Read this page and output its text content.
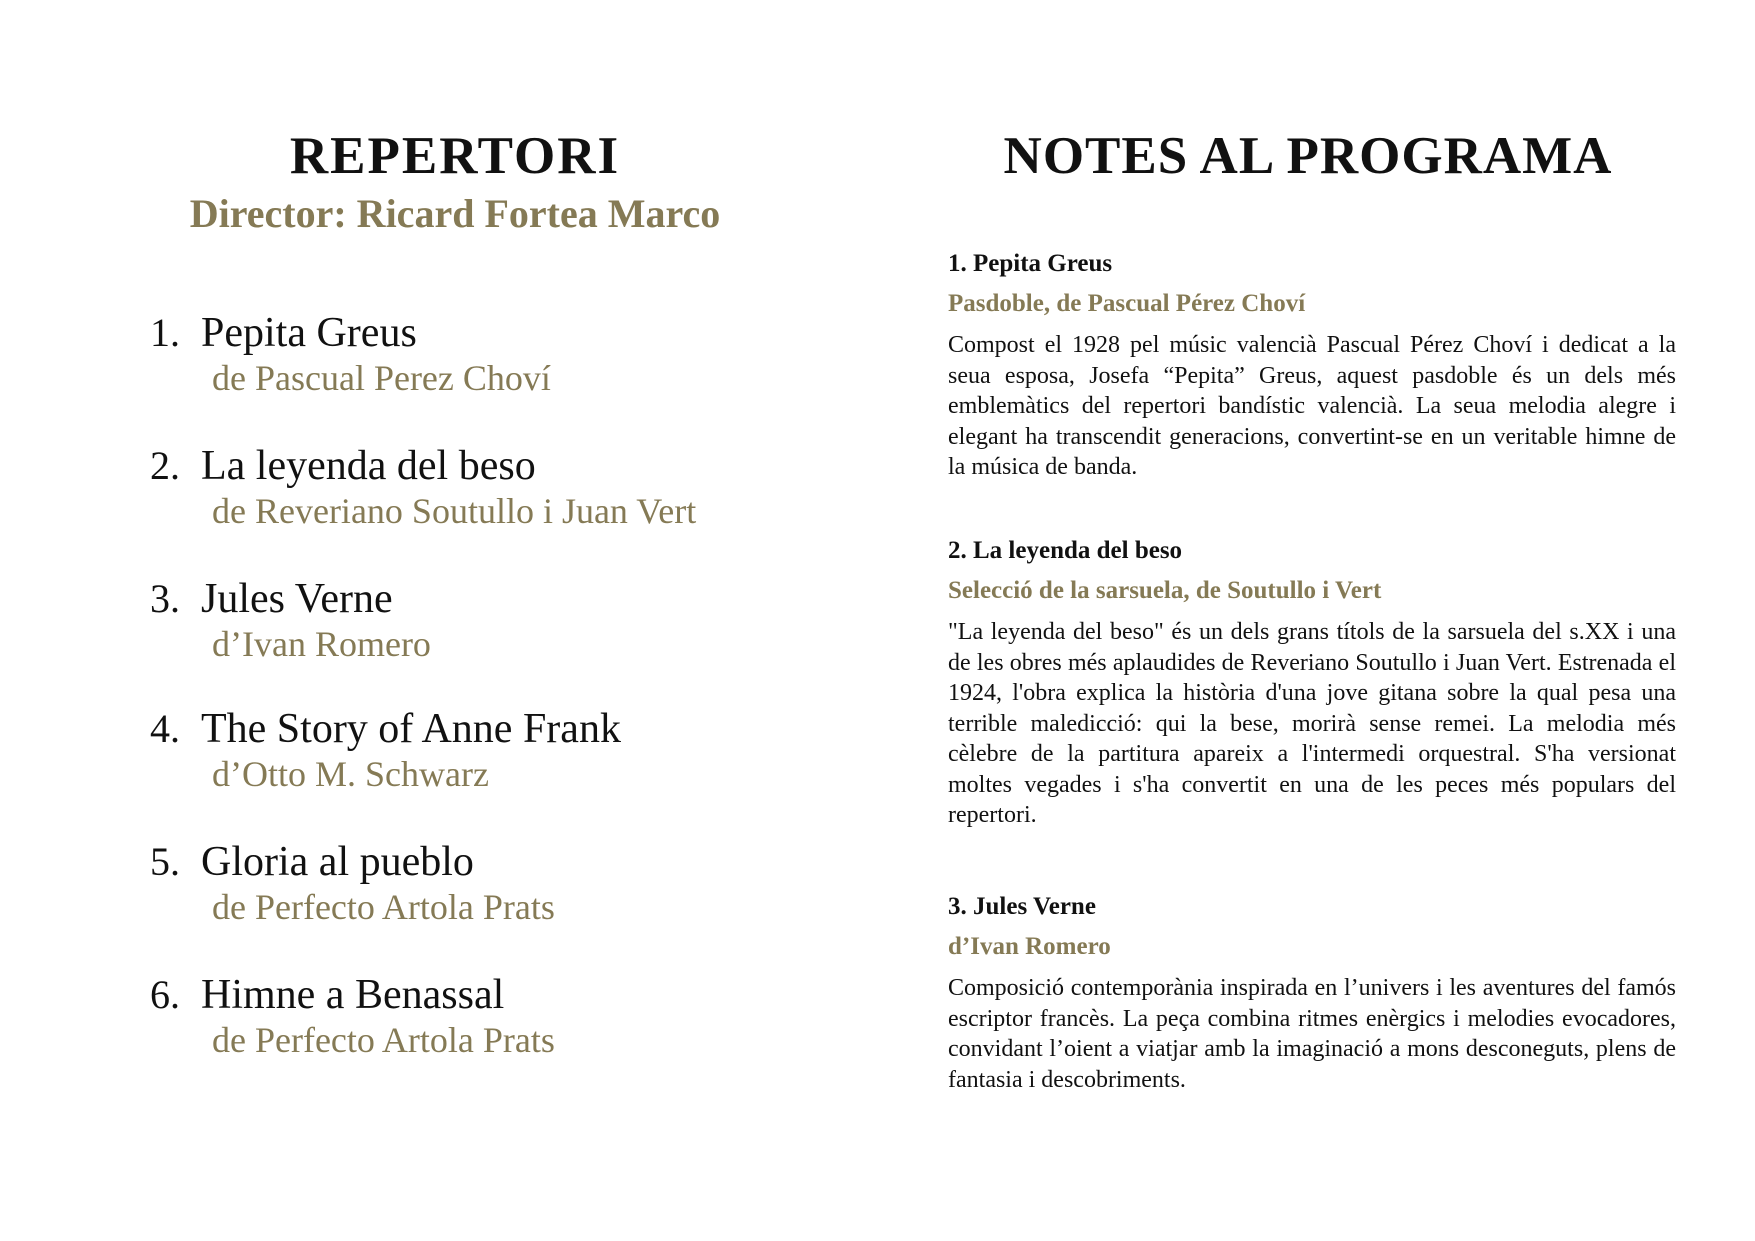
REPERTORI
Director: Ricard Fortea Marco
1. Pepita Greus
de Pascual Perez Choví
2. La leyenda del beso
de Reveriano Soutullo i Juan Vert
3. Jules Verne
d’Ivan Romero
4. The Story of Anne Frank
d’Otto M. Schwarz
5. Gloria al pueblo
de Perfecto Artola Prats
6. Himne a Benassal
de Perfecto Artola Prats
NOTES AL PROGRAMA

1. Pepita Greus

Pasdoble, de Pascual Pérez Choví

Compost el 1928 pel músic valencià Pascual Pérez Choví i dedicat a la seua esposa, Josefa “Pepita” Greus, aquest pasdoble és un dels més emblemàtics del repertori bandístic valencià. La seua melodia alegre i elegant ha transcendit generacions, convertint-se en un veritable himne de la música de banda.

2. La leyenda del beso

Selecció de la sarsuela, de Soutullo i Vert

"La leyenda del beso" és un dels grans títols de la sarsuela del s.XX i una de les obres més aplaudides de Reveriano Soutullo i Juan Vert. Estrenada el 1924, l'obra explica la història d'una jove gitana sobre la qual pesa una terrible maledicció: qui la bese, morirà sense remei. La melodia més cèlebre de la partitura apareix a l'intermedi orquestral. S'ha versionat moltes vegades i s'ha convertit en una de les peces més populars del repertori.

3. Jules Verne

d’Ivan Romero

Composició contemporània inspirada en l’univers i les aventures del famós escriptor francès. La peça combina ritmes enèrgics i melodies evocadores, convidant l’oient a viatjar amb la imaginació a mons desconeguts, plens de fantasia i descobriments.
